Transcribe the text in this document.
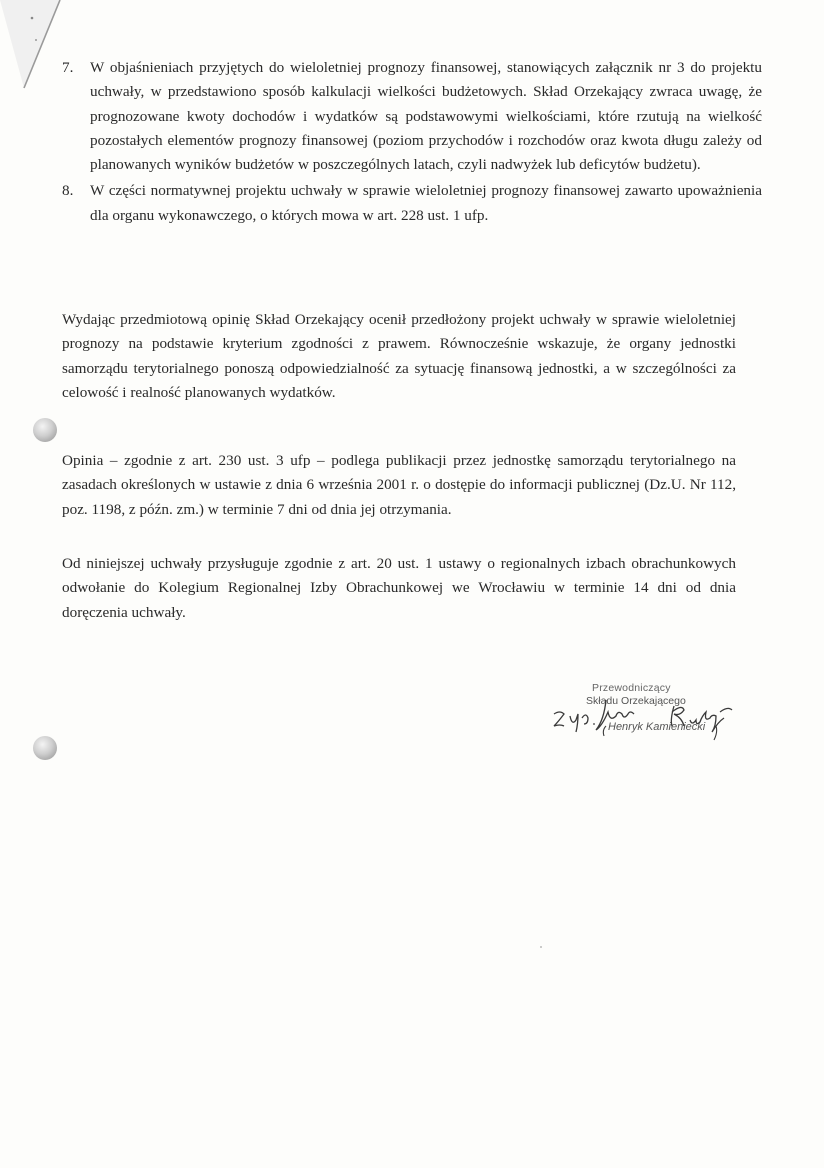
7. W objaśnieniach przyjętych do wieloletniej prognozy finansowej, stanowiących załącznik nr 3 do projektu uchwały, w przedstawiono sposób kalkulacji wielkości budżetowych. Skład Orzekający zwraca uwagę, że prognozowane kwoty dochodów i wydatków są podstawowymi wielkościami, które rzutują na wielkość pozostałych elementów prognozy finansowej (poziom przychodów i rozchodów oraz kwota długu zależy od planowanych wyników budżetów w poszczególnych latach, czyli nadwyżek lub deficytów budżetu).
8. W części normatywnej projektu uchwały w sprawie wieloletniej prognozy finansowej zawarto upoważnienia dla organu wykonawczego, o których mowa w art. 228 ust. 1 ufp.

Wydając przedmiotową opinię Skład Orzekający ocenił przedłożony projekt uchwały w sprawie wieloletniej prognozy na podstawie kryterium zgodności z prawem. Równocześnie wskazuje, że organy jednostki samorządu terytorialnego ponoszą odpowiedzialność za sytuację finansową jednostki, a w szczególności za celowość i realność planowanych wydatków.

Opinia – zgodnie z art. 230 ust. 3 ufp – podlega publikacji przez jednostkę samorządu terytorialnego na zasadach określonych w ustawie z dnia 6 września 2001 r. o dostępie do informacji publicznej (Dz.U. Nr 112, poz. 1198, z późn. zm.) w terminie 7 dni od dnia jej otrzymania.

Od niniejszej uchwały przysługuje zgodnie z art. 20 ust. 1 ustawy o regionalnych izbach obrachunkowych odwołanie do Kolegium Regionalnej Izby Obrachunkowej we Wrocławiu w terminie 14 dni od dnia doręczenia uchwały.

Przewodniczący
Składu Orzekającego
Henryk Kamieniecki
